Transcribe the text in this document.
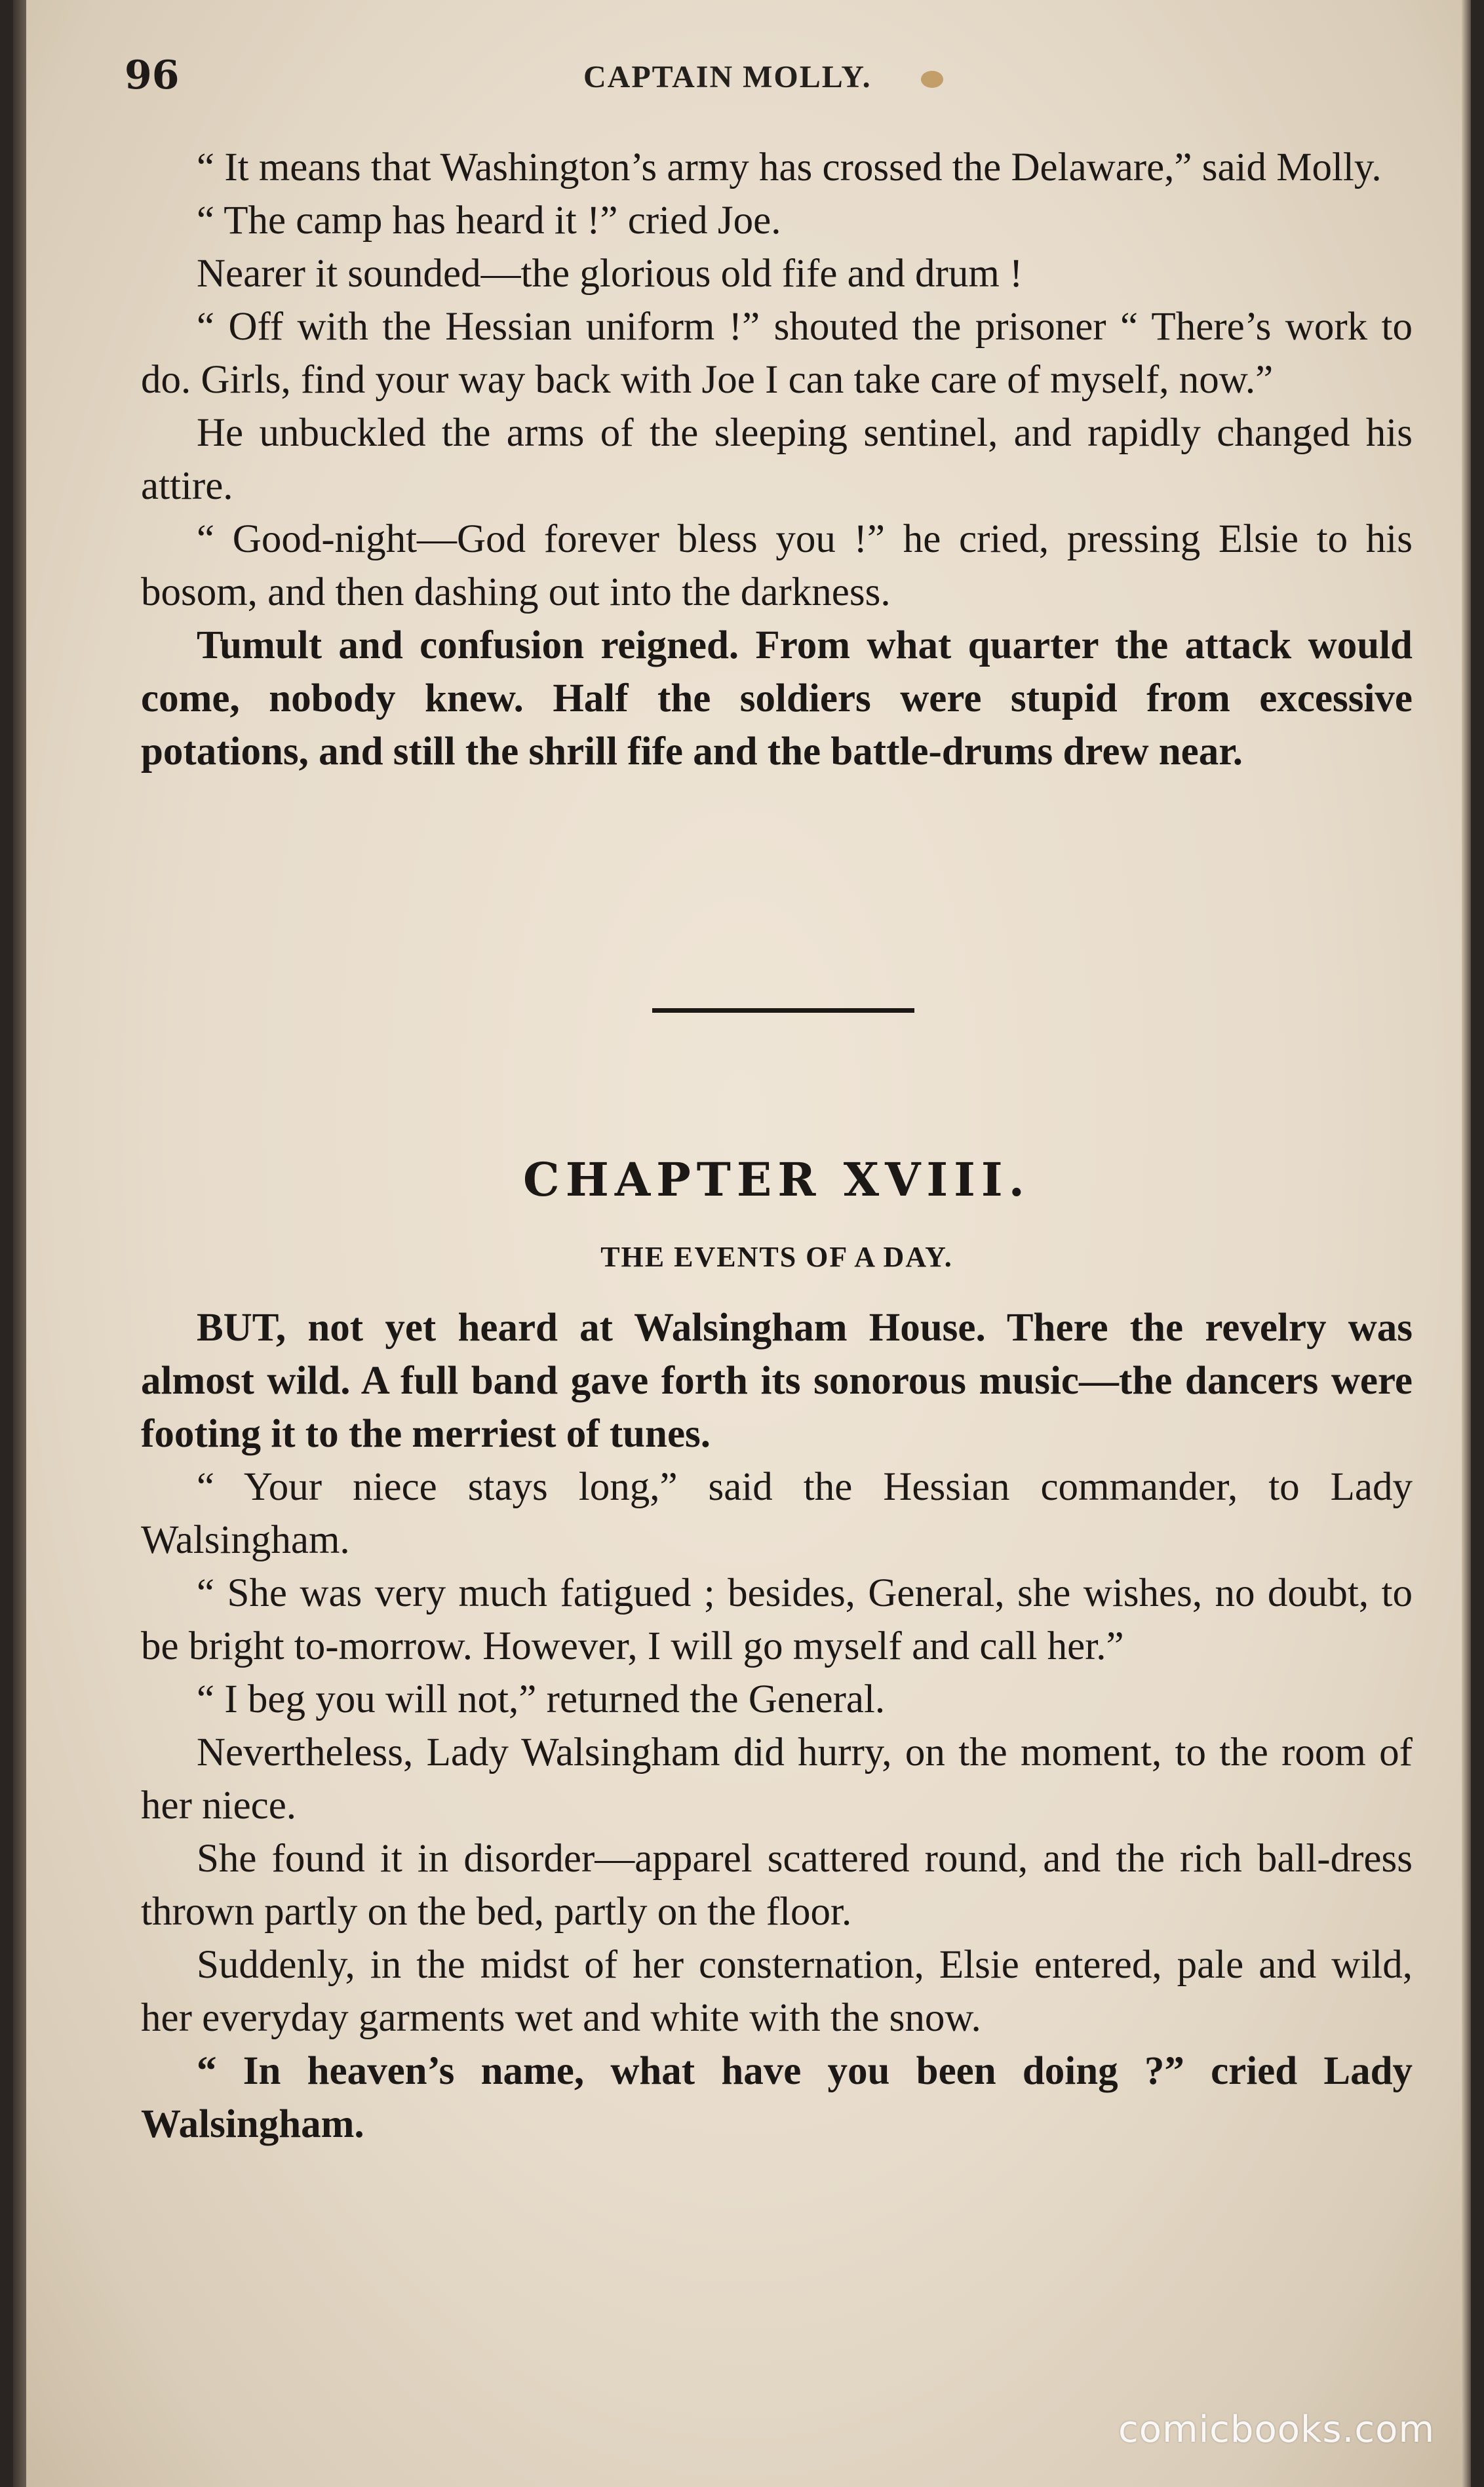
96	CAPTAIN MOLLY.

“ It means that Washington’s army has crossed the Delaware,” said Molly.

“ The camp has heard it !” cried Joe.

Nearer it sounded—the glorious old fife and drum !

“ Off with the Hessian uniform !” shouted the prisoner “ There’s work to do. Girls, find your way back with Joe I can take care of myself, now.”

He unbuckled the arms of the sleeping sentinel, and rapidly changed his attire.

“ Good-night—God forever bless you !” he cried, pressing Elsie to his bosom, and then dashing out into the darkness.

Tumult and confusion reigned. From what quarter the attack would come, nobody knew. Half the soldiers were stupid from excessive potations, and still the shrill fife and the battle-drums drew near.

CHAPTER XVIII.
THE EVENTS OF A DAY.

BUT, not yet heard at Walsingham House. There the revelry was almost wild. A full band gave forth its sonorous music—the dancers were footing it to the merriest of tunes.

“ Your niece stays long,” said the Hessian commander, to Lady Walsingham.

“ She was very much fatigued ; besides, General, she wishes, no doubt, to be bright to-morrow. However, I will go myself and call her.”

“ I beg you will not,” returned the General.

Nevertheless, Lady Walsingham did hurry, on the moment, to the room of her niece.

She found it in disorder—apparel scattered round, and the rich ball-dress thrown partly on the bed, partly on the floor.

Suddenly, in the midst of her consternation, Elsie entered, pale and wild, her everyday garments wet and white with the snow.

“ In heaven’s name, what have you been doing ?” cried Lady Walsingham.

comicbooks.com
